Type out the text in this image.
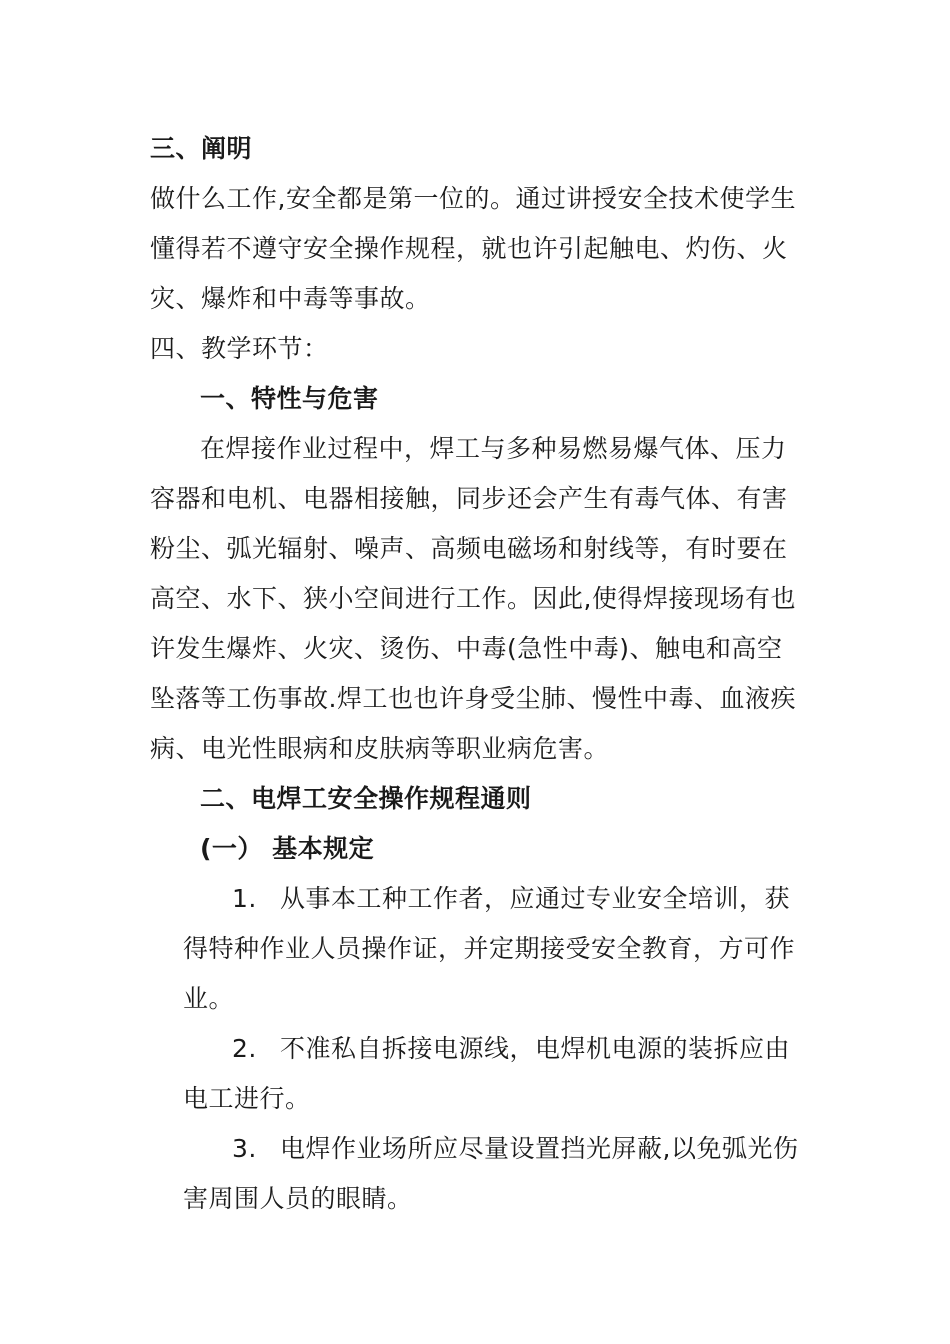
三、阐明
做什么工作,安全都是第一位的。通过讲授安全技术使学生
懂得若不遵守安全操作规程，就也许引起触电、灼伤、火
灾、爆炸和中毒等事故。
四、教学环节：
一、特性与危害
在焊接作业过程中，焊工与多种易燃易爆气体、压力
容器和电机、电器相接触，同步还会产生有毒气体、有害
粉尘、弧光辐射、噪声、高频电磁场和射线等，有时要在
高空、水下、狭小空间进行工作。因此,使得焊接现场有也
许发生爆炸、火灾、烫伤、中毒(急性中毒)、触电和高空
坠落等工伤事故.焊工也也许身受尘肺、慢性中毒、血液疾
病、电光性眼病和皮肤病等职业病危害。
二、电焊工安全操作规程通则
(一） 基本规定
1. 从事本工种工作者，应通过专业安全培训，获
得特种作业人员操作证，并定期接受安全教育，方可作
业。
2. 不准私自拆接电源线，电焊机电源的装拆应由
电工进行。
3. 电焊作业场所应尽量设置挡光屏蔽,以免弧光伤
害周围人员的眼睛。
